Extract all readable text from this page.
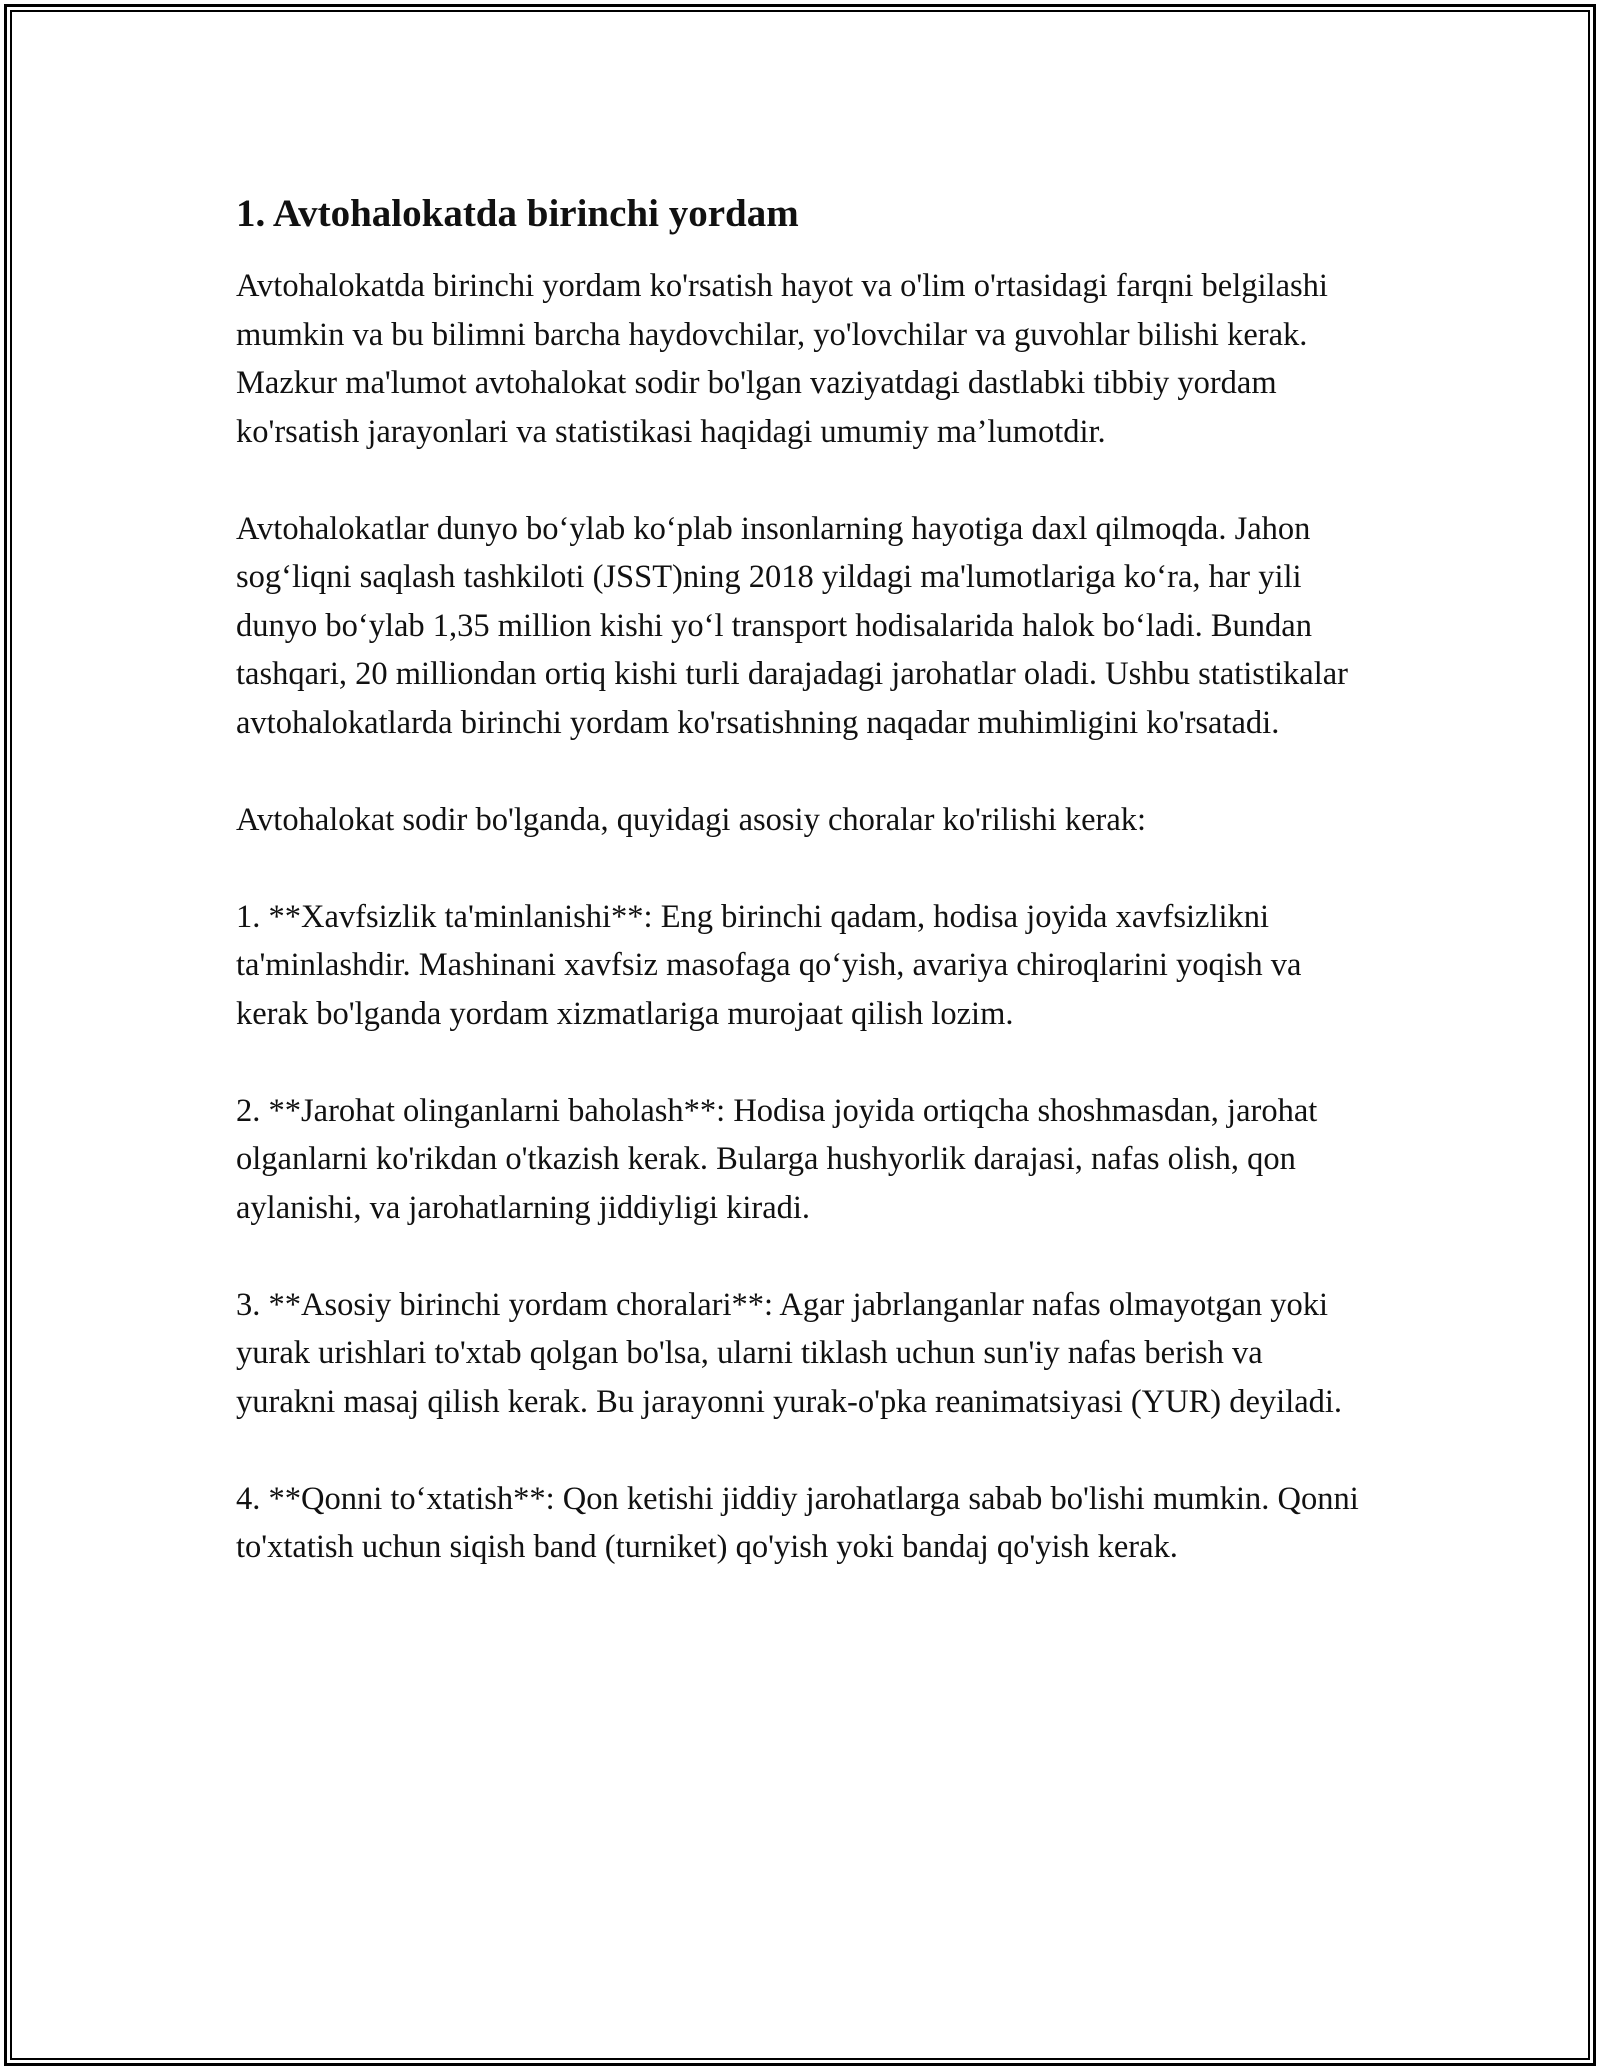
1. Avtohalokatda birinchi yordam

Avtohalokatda birinchi yordam ko'rsatish hayot va o'lim o'rtasidagi farqni belgilashi mumkin va bu bilimni barcha haydovchilar, yo'lovchilar va guvohlar bilishi kerak. Mazkur ma'lumot avtohalokat sodir bo'lgan vaziyatdagi dastlabki tibbiy yordam ko'rsatish jarayonlari va statistikasi haqidagi umumiy ma’lumotdir.

Avtohalokatlar dunyo bo‘ylab ko‘plab insonlarning hayotiga daxl qilmoqda. Jahon sog‘liqni saqlash tashkiloti (JSST)ning 2018 yildagi ma'lumotlariga ko‘ra, har yili dunyo bo‘ylab 1,35 million kishi yo‘l transport hodisalarida halok bo‘ladi. Bundan tashqari, 20 milliondan ortiq kishi turli darajadagi jarohatlar oladi. Ushbu statistikalar avtohalokatlarda birinchi yordam ko'rsatishning naqadar muhimligini ko'rsatadi.

Avtohalokat sodir bo'lganda, quyidagi asosiy choralar ko'rilishi kerak:

1. **Xavfsizlik ta'minlanishi**: Eng birinchi qadam, hodisa joyida xavfsizlikni ta'minlashdir. Mashinani xavfsiz masofaga qo‘yish, avariya chiroqlarini yoqish va kerak bo'lganda yordam xizmatlariga murojaat qilish lozim.

2. **Jarohat olinganlarni baholash**: Hodisa joyida ortiqcha shoshmasdan, jarohat olganlarni ko'rikdan o'tkazish kerak. Bularga hushyorlik darajasi, nafas olish, qon aylanishi, va jarohatlarning jiddiyligi kiradi.

3. **Asosiy birinchi yordam choralari**: Agar jabrlanganlar nafas olmayotgan yoki yurak urishlari to'xtab qolgan bo'lsa, ularni tiklash uchun sun'iy nafas berish va yurakni masaj qilish kerak. Bu jarayonni yurak-o'pka reanimatsiyasi (YUR) deyiladi.

4. **Qonni to‘xtatish**: Qon ketishi jiddiy jarohatlarga sabab bo'lishi mumkin. Qonni to'xtatish uchun siqish band (turniket) qo'yish yoki bandaj qo'yish kerak.
